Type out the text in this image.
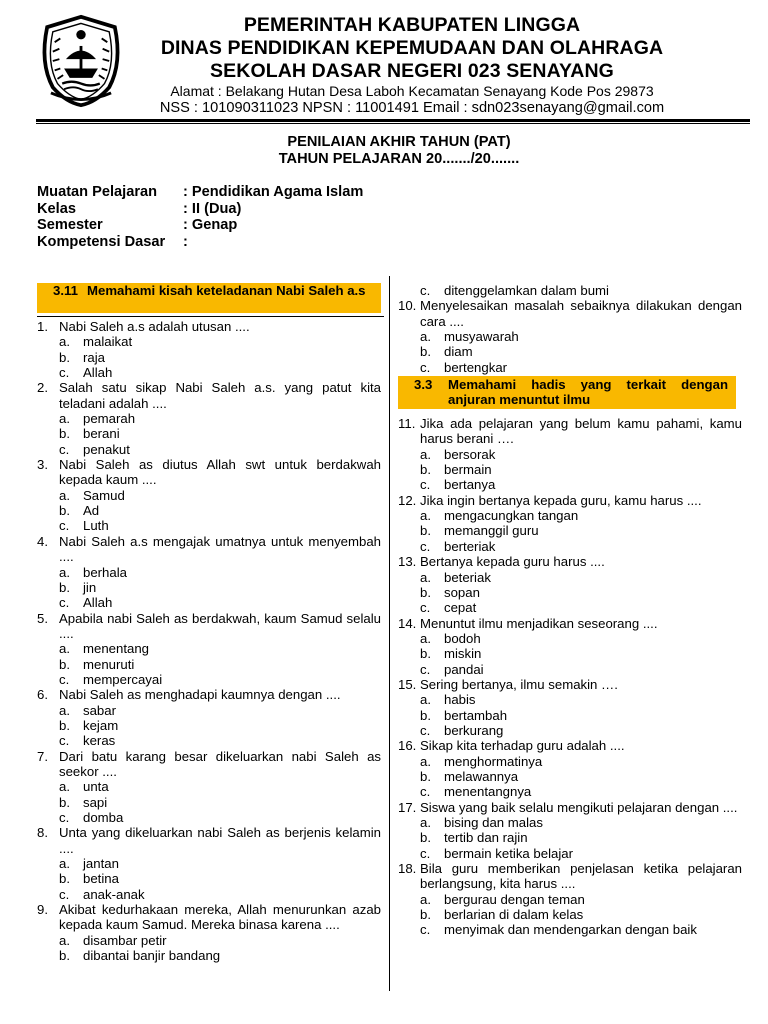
PEMERINTAH KABUPATEN LINGGA
DINAS PENDIDIKAN KEPEMUDAAN DAN OLAHRAGA
SEKOLAH DASAR NEGERI 023 SENAYANG
Alamat : Belakang Hutan Desa Laboh Kecamatan Senayang Kode Pos 29873
NSS : 101090311023 NPSN : 11001491 Email : sdn023senayang@gmail.com
PENILAIAN AKHIR TAHUN (PAT)
TAHUN PELAJARAN 20......./20.......
Muatan Pelajaran	: Pendidikan Agama Islam
Kelas	: II (Dua)
Semester	: Genap
Kompetensi Dasar	:
3.11 Memahami kisah keteladanan Nabi Saleh a.s
1. Nabi Saleh a.s adalah utusan ....
a. malaikat
b. raja
c.	Allah
2. Salah satu sikap Nabi Saleh a.s. yang patut kita teladani adalah ....
a. pemarah
b. berani
c.	penakut
3. Nabi Saleh as diutus Allah swt untuk berdakwah kepada kaum ....
a. Samud
b. Ad
c.	Luth
4. Nabi Saleh a.s mengajak umatnya untuk menyembah ....
a. berhala
b. jin
c.	Allah
5. Apabila nabi Saleh as berdakwah, kaum Samud selalu ....
a. menentang
b. menuruti
c.	mempercayai
6. Nabi Saleh as menghadapi kaumnya dengan ....
a. sabar
b. kejam
c.	keras
7. Dari batu karang besar dikeluarkan nabi Saleh as seekor ....
a. unta
b. sapi
c.	domba
8. Unta yang dikeluarkan nabi Saleh as berjenis kelamin ....
a. jantan
b. betina
c.	anak-anak
9. Akibat kedurhakaan mereka, Allah menurunkan azab kepada kaum Samud. Mereka binasa karena ....
a. disambar petir
b. dibantai banjir bandang
c.	ditenggelamkan dalam bumi
10. Menyelesaikan masalah sebaiknya dilakukan dengan cara ....
a. musyawarah
b. diam
c.	bertengkar
3.3	Memahami hadis yang terkait dengan anjuran menuntut ilmu
11. Jika ada pelajaran yang belum kamu pahami, kamu harus berani ….
a. bersorak
b. bermain
c.	bertanya
12. Jika ingin bertanya kepada guru, kamu harus ....
a. mengacungkan tangan
b. memanggil guru
c.	berteriak
13. Bertanya kepada guru harus ....
a. beteriak
b. sopan
c.	cepat
14. Menuntut ilmu menjadikan seseorang ....
a. bodoh
b. miskin
c.	pandai
15. Sering bertanya, ilmu semakin ….
a. habis
b. bertambah
c.	berkurang
16. Sikap kita terhadap guru adalah ....
a. menghormatinya
b. melawannya
c.	menentangnya
17. Siswa yang baik selalu mengikuti pelajaran dengan ....
a. bising dan malas
b. tertib dan rajin
c.	bermain ketika belajar
18. Bila guru memberikan penjelasan ketika pelajaran berlangsung, kita harus ....
a. bergurau dengan teman
b. berlarian di dalam kelas
c.	menyimak dan mendengarkan dengan baik
